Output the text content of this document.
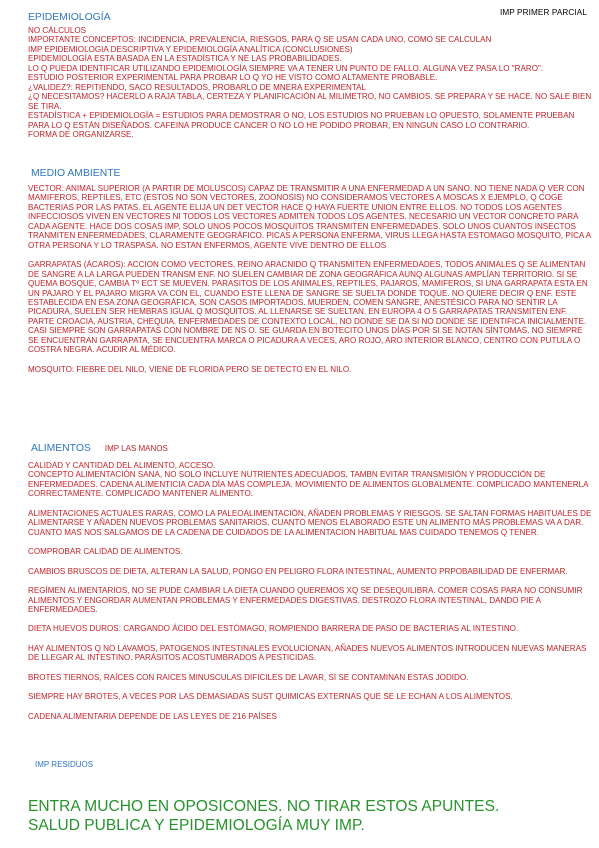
IMP PRIMER PARCIAL
EPIDEMIOLOGÍA

NO CÁLCULOS

IMPORTANTE CONCEPTOS: INCIDENCIA, PREVALENCIA, RIESGOS, PARA Q SE USAN CADA UNO, COMO SE CALCULAN

IMP EPIDEMIOLOGIA DESCRIPTIVA Y EPIDEMIOLOGÍA ANALÍTICA (CONCLUSIONES)

EPIDEMIOLOGÍA ESTA BASADA EN LA ESTADÍSTICA Y NE LAS PROBABILIDADES.

LO Q PUEDA IDENTIFICAR UTILIZANDO EPIDEMIOLOGÍA SIEMPRE VA A TENER UN PUNTO DE FALLO. ALGUNA VEZ PASA LO "RARO".

ESTUDIO POSTERIOR EXPERIMENTAL PARA PROBAR LO Q YO HE VISTO COMO ALTAMENTE PROBABLE.

¿VALIDEZ?: REPITIENDO, SACO RESULTADOS, PROBARLO DE MNERA EXPERIMENTAL

¿Q NECESITAMOS? HACERLO A RAJA TABLA, CERTEZA Y PLANIFICACIÓN AL MILIMETRO, NO CAMBIOS. SE PREPARA Y SE HACE. NO SALE BIEN SE TIRA.

ESTADÍSTICA + EPIDEMIOLOGÍA = ESTUDIOS PARA DEMOSTRAR O NO, LOS ESTUDIOS NO PRUEBAN LO OPUESTO, SOLAMENTE PRUEBAN PARA LO Q ESTÁN DISEÑADOS. CAFEINA PRODUCE CANCER O NO LO HE PODIDO PROBAR, EN NINGUN CASO LO CONTRARIO.

FORMA DE ORGANIZARSE.

MEDIO AMBIENTE

VECTOR: ANIMAL SUPERIOR (A PARTIR DE MOLUSCOS) CAPAZ DE TRANSMITIR A UNA ENFERMEDAD A UN SANO. NO TIENE NADA Q VER CON MAMIFEROS, REPTILES, ETC (ESTOS NO SON VECTORES, ZOONOSIS) NO CONSIDERAMOS VECTORES A MOSCAS X EJEMPLO, Q COGE BACTERIAS POR LAS PATAS. EL AGENTE ELIJA UN DET VECTOR HACE Q HAYA FUERTE UNION ENTRE ELLOS. NO TODOS LOS AGENTES INFECCIOSOS VIVEN EN VECTORES NI TODOS LOS VECTORES ADMITEN TODOS LOS AGENTES. NECESARIO UN VECTOR CONCRETO PARA CADA AGENTE. HACE DOS COSAS IMP, SOLO UNOS POCOS MOSQUITOS TRANSMITEN ENFERMEDADES. SOLO UNOS CUANTOS INSECTOS TRANMITEN ENFERMEDADES, CLARAMENTE GEOGRÁFICO. PICAS A PERSONA ENFERMA, VIRUS LLEGA HASTA ESTOMAGO MOSQUITO, PICA A OTRA PERSONA Y LO TRASPASA. NO ESTAN ENFERMOS, AGENTE VIVE DENTRO DE ELLOS

GARRAPATAS (ÁCAROS): ACCION COMO VECTORES, REINO ARACNIDO Q TRANSMITEN ENFERMEDADES, TODOS ANIMALES Q SE ALIMENTAN DE SANGRE A LA LARGA PUEDEN TRANSM ENF. NO SUELEN CAMBIAR DE ZONA GEOGRÁFICA AUNQ ALGUNAS AMPLÍAN TERRITORIO. SI SE QUEMA BOSQUE, CAMBIA Tº ECT SE MUEVEN. PARASITOS DE LOS ANIMALES, REPTILES, PAJAROS, MAMIFEROS, SI UNA GARRAPATA ESTA EN UN PAJARO Y EL PAJARO MIGRA VA CON EL, CUANDO ESTE LLENA DE SANGRE SE SUELTA DONDE TOQUE. NO QUIERE DECIR Q ENF. ESTE ESTABLECIDA EN ESA ZONA GEOGRÁFICA, SON CASOS IMPORTADOS. MUERDEN, COMEN SANGRE, ANESTÉSICO PARA NO SENTIR LA PICADURA, SUELEN SER HEMBRAS IGUAL Q MOSQUITOS. AL LLENARSE SE SUELTAN. EN EUROPA 4 O 5 GARRAPATAS TRANSMITEN ENF. PARTE CROACIA, AUSTRIA, CHEQUIA. ENFERMEDADES DE CONTEXTO LOCAL, NO DONDE SE DA SI NO DONDE SE IDENTIFICA INICIALMENTE. CASI SIEMPRE SON GARRAPATAS CON NOMBRE DE NS O. SE GUARDA EN BOTECITO UNOS DÍAS POR SI SE NOTAN SÍNTOMAS. NO SIEMPRE SE ENCUENTRAN GARRAPATA, SE ENCUENTRA MARCA O PICADURA A VECES, ARO ROJO, ARO INTERIOR BLANCO, CENTRO CON PUTULA O COSTRA NEGRA. ACUDIR AL MÉDICO.

MOSQUITO: FIEBRE DEL NILO, VIENE DE FLORIDA PERO SE DETECTO EN EL NILO.

ALIMENTOS IMP LAS MANOS

CALIDAD Y CANTIDAD DEL ALIMENTO, ACCESO.
CONCEPTO ALIMENTACIÓN SANA, NO SOLO INCLUYE NUTRIENTES ADECUADOS, TAMBN EVITAR TRANSMISIÓN Y PRODUCCIÓN DE ENFERMEDADES. CADENA ALIMENTICIA CADA DÍA MÁS COMPLEJA. MOVIMIENTO DE ALIMENTOS GLOBALMENTE. COMPLICADO MANTENERLA CORRECTAMENTE. COMPLICADO MANTENER ALIMENTO.

ALIMENTACIONES ACTUALES RARAS, COMO LA PALEOALIMENTACIÓN, AÑADEN PROBLEMAS Y RIESGOS. SE SALTAN FORMAS HABITUALES DE ALIMENTARSE Y AÑADEN NUEVOS PROBLEMAS SANITARIOS, CUANTO MENOS ELABORADO ESTE UN ALIMENTO MÁS PROBLEMAS VA A DAR. CUANTO MAS NOS SALGAMOS DE LA CADENA DE CUIDADOS DE LA ALIMENTACION HABITUAL MAS CUIDADO TENEMOS Q TENER.

COMPROBAR CALIDAD DE ALIMENTOS.

CAMBIOS BRUSCOS DE DIETA, ALTERAN LA SALUD, PONGO EN PELIGRO FLORA INTESTINAL, AUMENTO PRPOBABILIDAD DE ENFERMAR.

REGÍMEN ALIMENTARIOS, NO SE PUDE CAMBIAR LA DIETA CUANDO QUEREMOS XQ SE DESEQUILIBRA. COMER COSAS PARA NO CONSUMIR ALIMENTOS Y ENGORDAR AUMENTAN PROBLEMAS Y ENFERMEDADES DIGESTIVAS. DESTROZO FLORA INTESTINAL, DANDO PIE A ENFERMEDADES.

DIETA HUEVOS DUROS: CARGANDO ÁCIDO DEL ESTÓMAGO, ROMPIENDO BARRERA DE PASO DE BACTERIAS AL INTESTINO.

HAY ALIMENTOS Q NO LAVAMOS, PATOGENOS INTESTINALES EVOLUCIONAN, AÑADES NUEVOS ALIMENTOS INTRODUCEN NUEVAS MANERAS DE LLEGAR AL INTESTINO. PARÁSITOS ACOSTUMBRADOS A PESTICIDAS.

BROTES TIERNOS, RAÍCES CON RAICES MINUSCULAS DIFICILES DE LAVAR, SI SE CONTAMINAN ESTAS JODIDO.

SIEMPRE HAY BROTES, A VECES POR LAS DEMASIADAS SUST QUIMICAS EXTERNAS QUE SE LE ECHAN A LOS ALIMENTOS.

CADENA ALIMENTARIA DEPENDE DE LAS LEYES DE 216 PAÍSES

IMP RESIDUOS

ENTRA MUCHO EN OPOSICONES. NO TIRAR ESTOS APUNTES.

SALUD PUBLICA Y EPIDEMIOLOGÍA MUY IMP.
